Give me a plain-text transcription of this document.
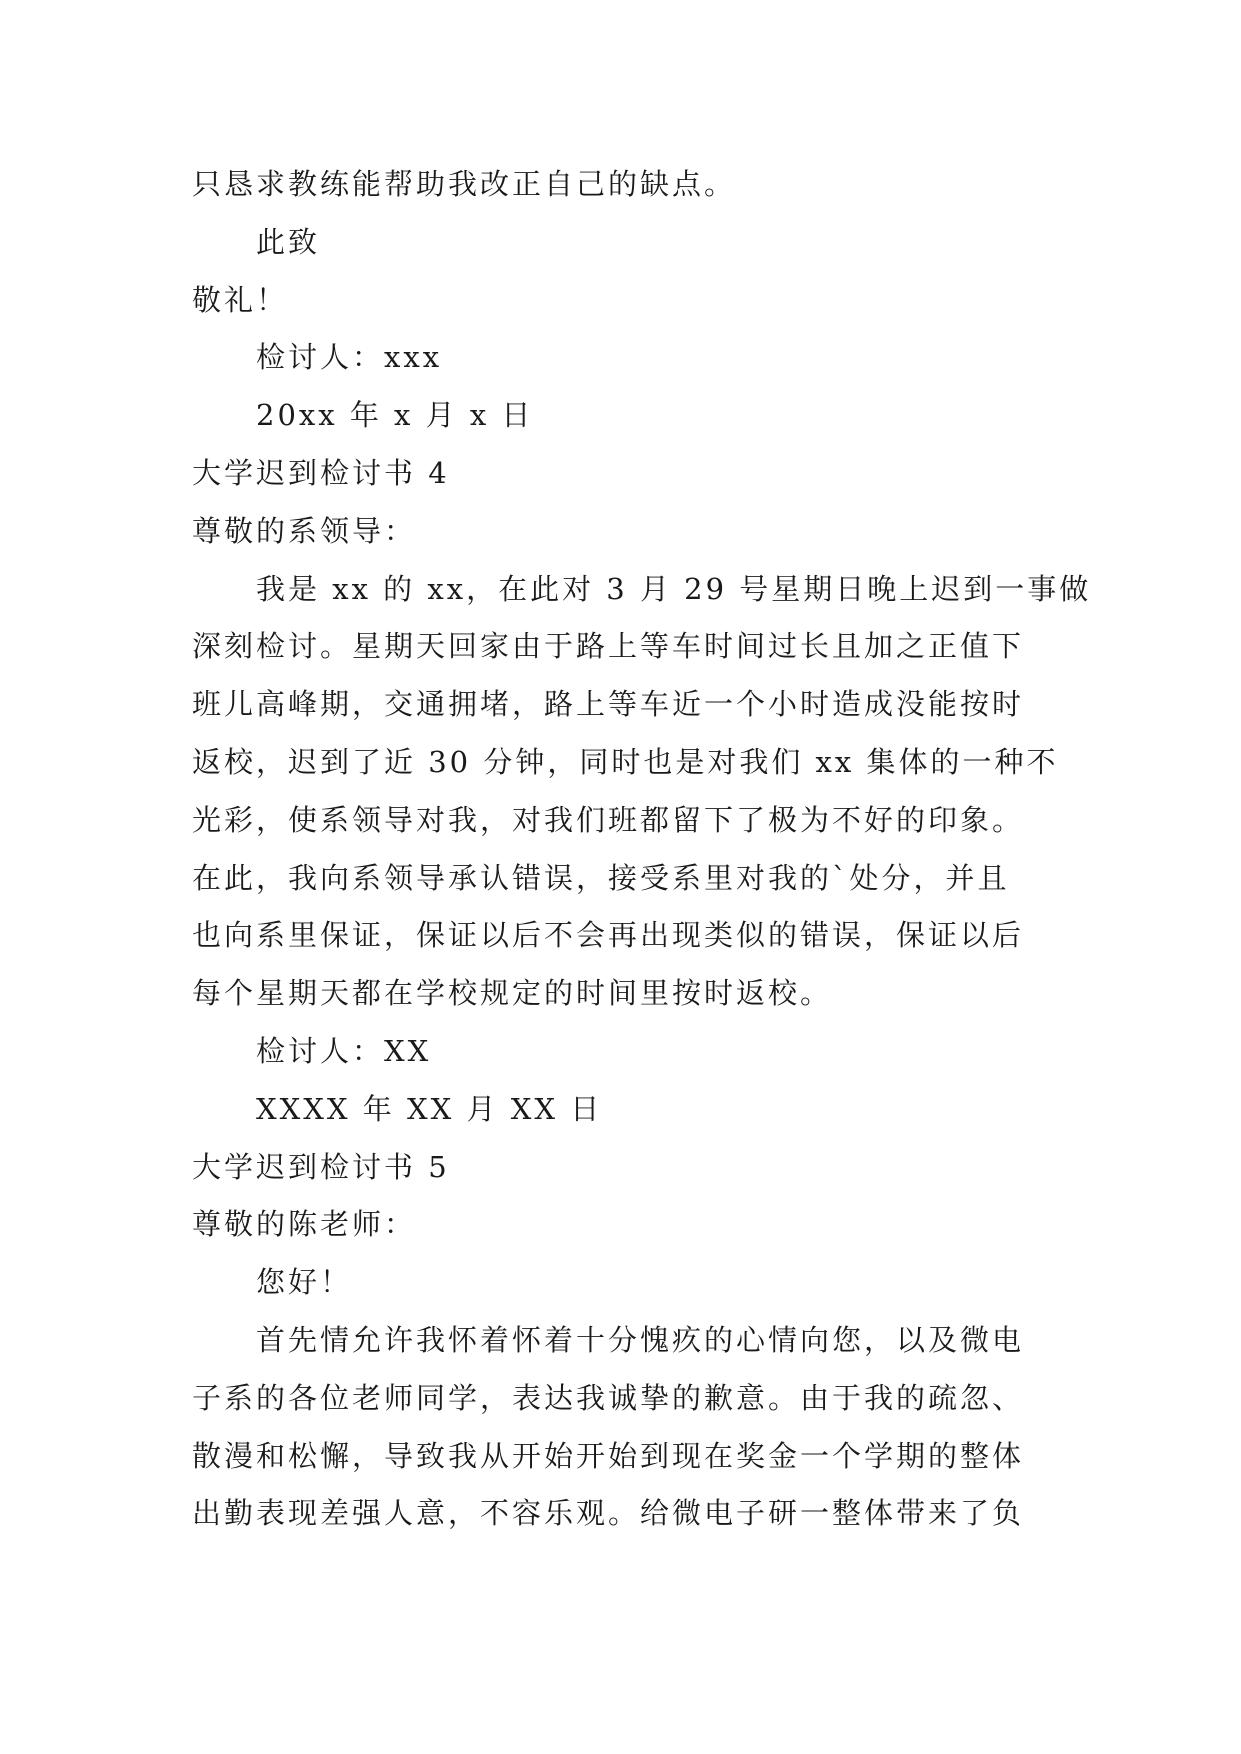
只恳求教练能帮助我改正自己的缺点。

此致

敬礼！

检讨人：xxx

20xx 年 x 月 x 日

大学迟到检讨书 4

尊敬的系领导：

我是 xx 的 xx，在此对 3 月 29 号星期日晚上迟到一事做

深刻检讨。星期天回家由于路上等车时间过长且加之正值下

班儿高峰期，交通拥堵，路上等车近一个小时造成没能按时

返校，迟到了近 30 分钟，同时也是对我们 xx 集体的一种不

光彩，使系领导对我，对我们班都留下了极为不好的印象。

在此，我向系领导承认错误，接受系里对我的`处分，并且

也向系里保证，保证以后不会再出现类似的错误，保证以后

每个星期天都在学校规定的时间里按时返校。

检讨人：XX

XXXX 年 XX 月 XX 日

大学迟到检讨书 5

尊敬的陈老师：

您好！

首先情允许我怀着怀着十分愧疚的心情向您，以及微电

子系的各位老师同学，表达我诚挚的歉意。由于我的疏忽、

散漫和松懈，导致我从开始开始到现在奖金一个学期的整体

出勤表现差强人意，不容乐观。给微电子研一整体带来了负
